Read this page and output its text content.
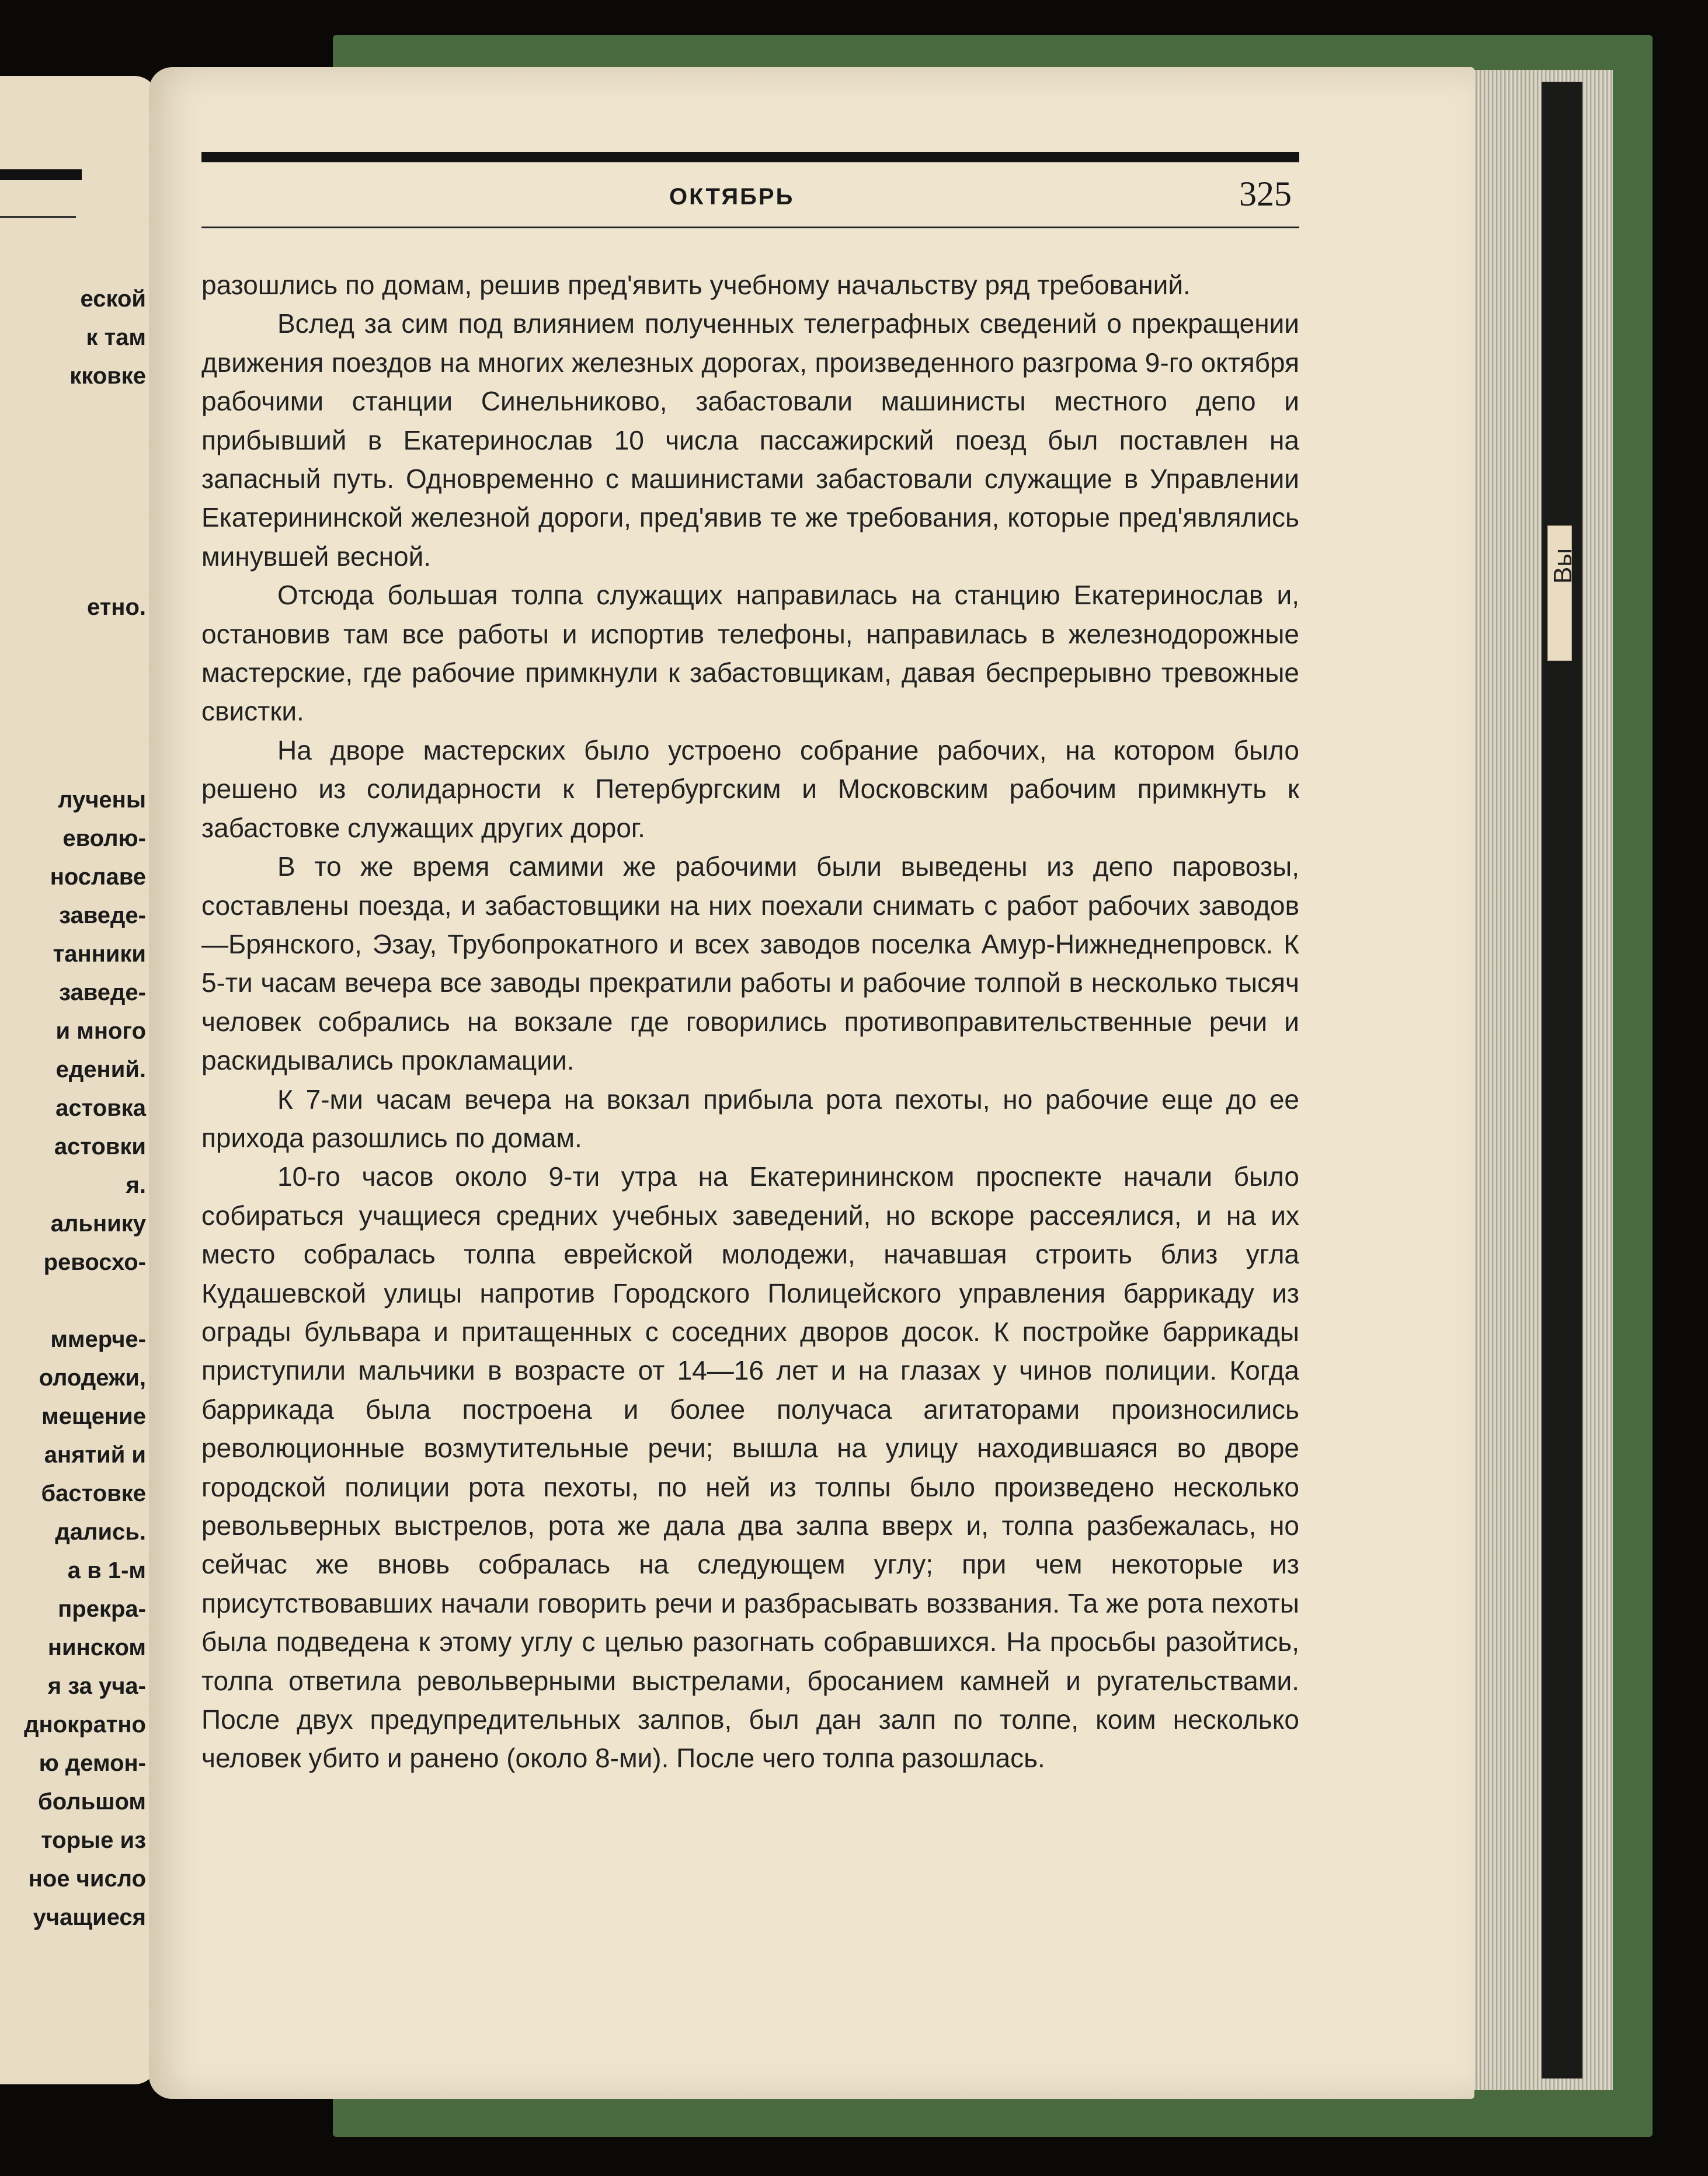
Вы
еской
к там
кковке
етно.
лучены
еволю-
нославе
заведе-
танники
заведе-
и много
едений.
астовка
астовки
я.
альнику
ревосхо-
ммерче-
олодежи,
мещение
анятий и
бастовке
дались.
а в 1-м
прекра-
нинском
я за уча-
днократно
ю демон-
большом
торые из
ное число
учащиеся
ОКТЯБРЬ	325

разошлись по домам, решив пред'явить учебному начальству ряд требований.

Вслед за сим под влиянием полученных телеграфных сведений о прекращении движения поездов на многих железных дорогах, произведенного разгрома 9-го октября рабочими станции Синельниково, забастовали машинисты местного депо и прибывший в Екатеринослав 10 числа пассажирский поезд был поставлен на запасный путь. Одновременно с машинистами забастовали служащие в Управлении Екатерининской железной дороги, пред'явив те же требования, которые пред'являлись минувшей весной.

Отсюда большая толпа служащих направилась на станцию Екатеринослав и, остановив там все работы и испортив телефоны, направилась в железнодорожные мастерские, где рабочие примкнули к забастовщикам, давая беспрерывно тревожные свистки.

На дворе мастерских было устроено собрание рабочих, на котором было решено из солидарности к Петербургским и Московским рабочим примкнуть к забастовке служащих других дорог.

В то же время самими же рабочими были выведены из депо паровозы, составлены поезда, и забастовщики на них поехали снимать с работ рабочих заводов—Брянского, Эзау, Трубопрокатного и всех заводов поселка Амур-Нижнеднепровск. К 5-ти часам вечера все заводы прекратили работы и рабочие толпой в несколько тысяч человек собрались на вокзале где говорились противоправительственные речи и раскидывались прокламации.

К 7-ми часам вечера на вокзал прибыла рота пехоты, но рабочие еще до ее прихода разошлись по домам.

10-го часов около 9-ти утра на Екатерининском проспекте начали было собираться учащиеся средних учебных заведений, но вскоре рассеялися, и на их место собралась толпа еврейской молодежи, начавшая строить близ угла Кудашевской улицы напротив Городского Полицейского управления баррикаду из ограды бульвара и притащенных с соседних дворов досок. К постройке баррикады приступили мальчики в возрасте от 14—16 лет и на глазах у чинов полиции. Когда баррикада была построена и более получаса агитаторами произносились революционные возмутительные речи; вышла на улицу находившаяся во дворе городской полиции рота пехоты, по ней из толпы было произведено несколько револьверных выстрелов, рота же дала два залпа вверх и, толпа разбежалась, но сейчас же вновь собралась на следующем углу; при чем некоторые из присутствовавших начали говорить речи и разбрасывать воззвания. Та же рота пехоты была подведена к этому углу с целью разогнать собравшихся. На просьбы разойтись, толпа ответила револьверными выстрелами, бросанием камней и ругательствами. После двух предупредительных залпов, был дан залп по толпе, коим несколько человек убито и ранено (около 8-ми). После чего толпа разошлась.
